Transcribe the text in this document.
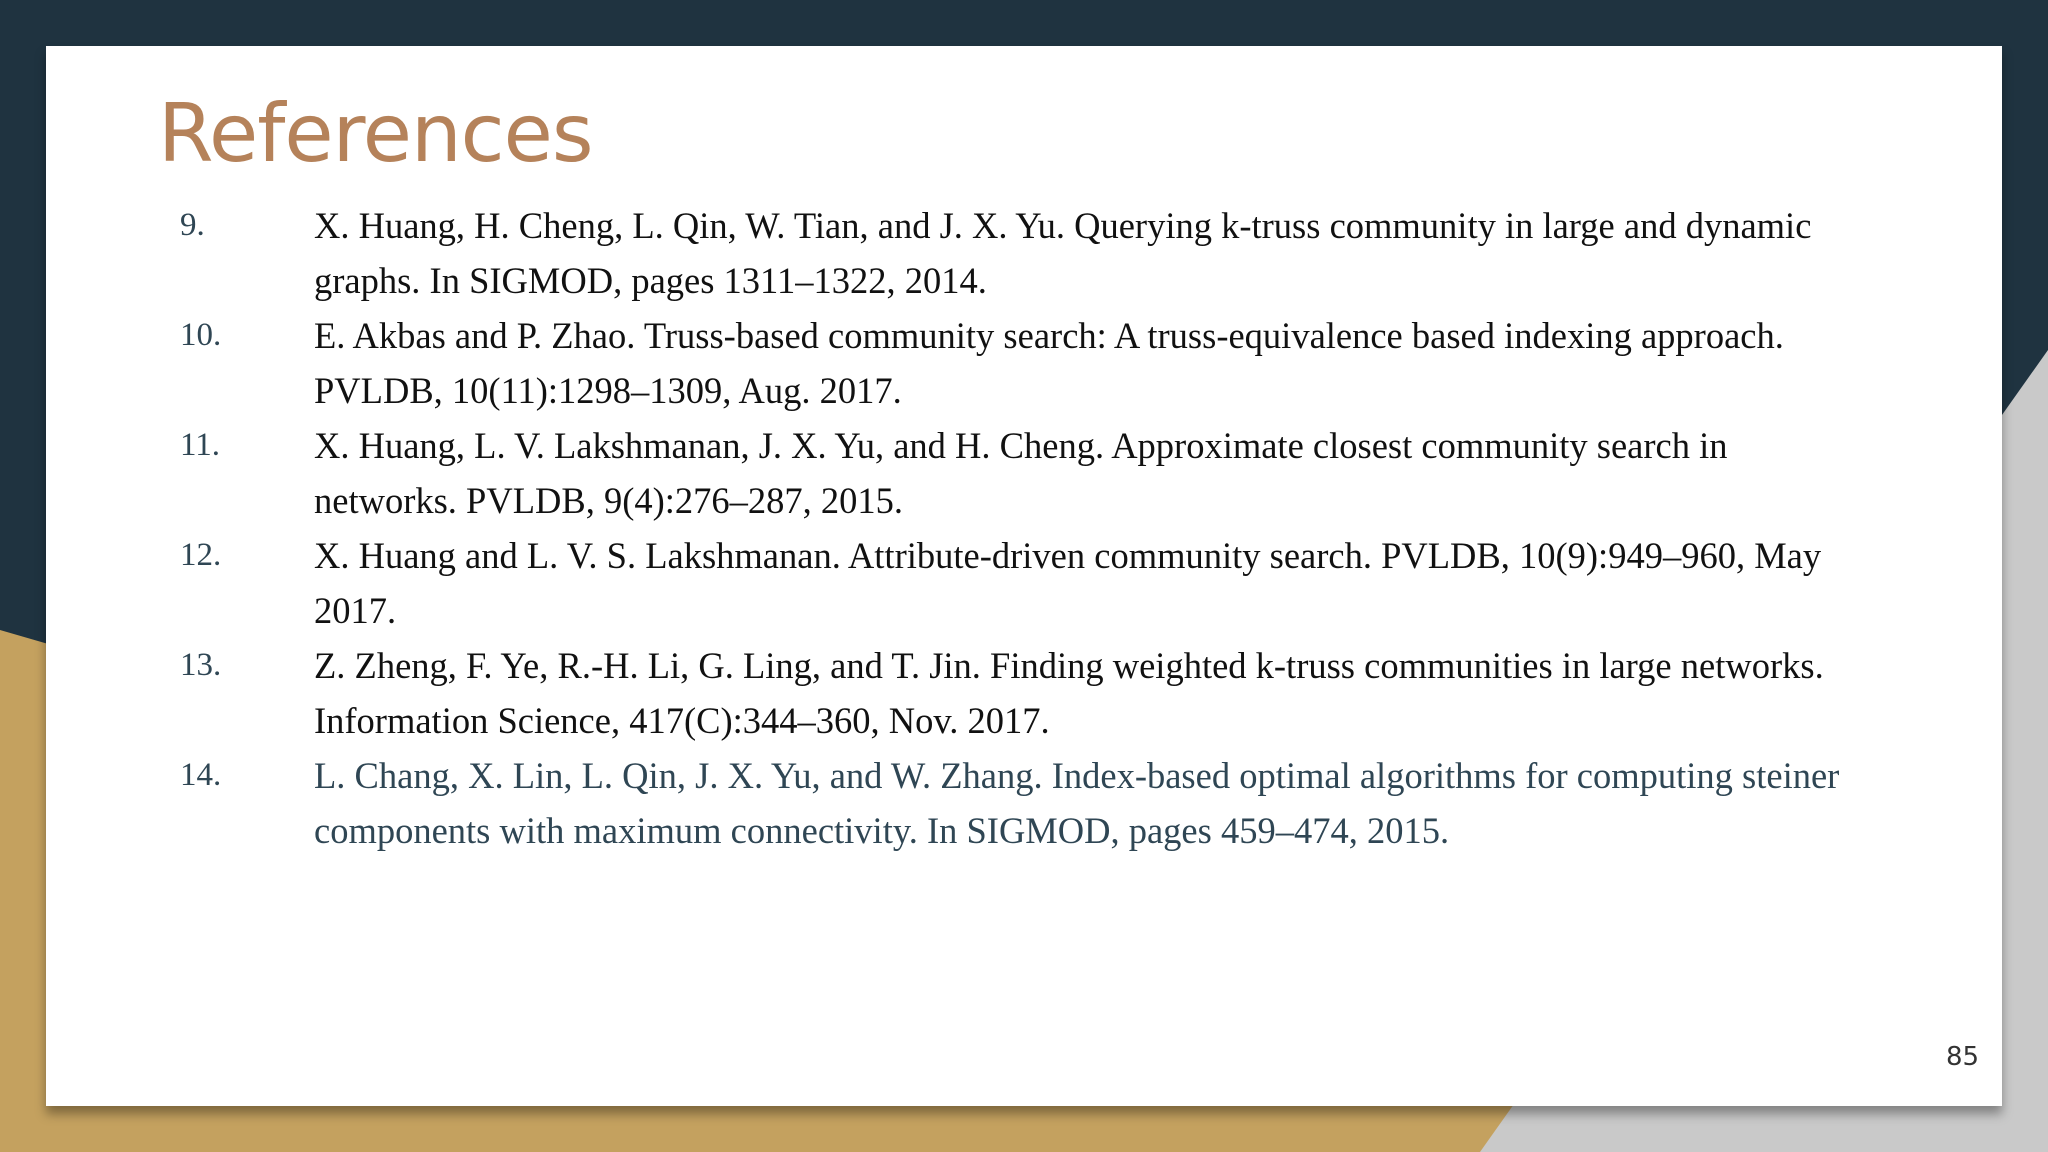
References
9.	X. Huang, H. Cheng, L. Qin, W. Tian, and J. X. Yu. Querying k-truss community in large and dynamic graphs. In SIGMOD, pages 1311–1322, 2014.
10.	E. Akbas and P. Zhao. Truss-based community search: A truss-equivalence based indexing approach. PVLDB, 10(11):1298–1309, Aug. 2017.
11.	X. Huang, L. V. Lakshmanan, J. X. Yu, and H. Cheng. Approximate closest community search in networks. PVLDB, 9(4):276–287, 2015.
12.	X. Huang and L. V. S. Lakshmanan. Attribute-driven community search. PVLDB, 10(9):949–960, May 2017.
13.	Z. Zheng, F. Ye, R.-H. Li, G. Ling, and T. Jin. Finding weighted k-truss communities in large networks. Information Science, 417(C):344–360, Nov. 2017.
14.	L. Chang, X. Lin, L. Qin, J. X. Yu, and W. Zhang. Index-based optimal algorithms for computing steiner components with maximum connectivity. In SIGMOD, pages 459–474, 2015.
85
